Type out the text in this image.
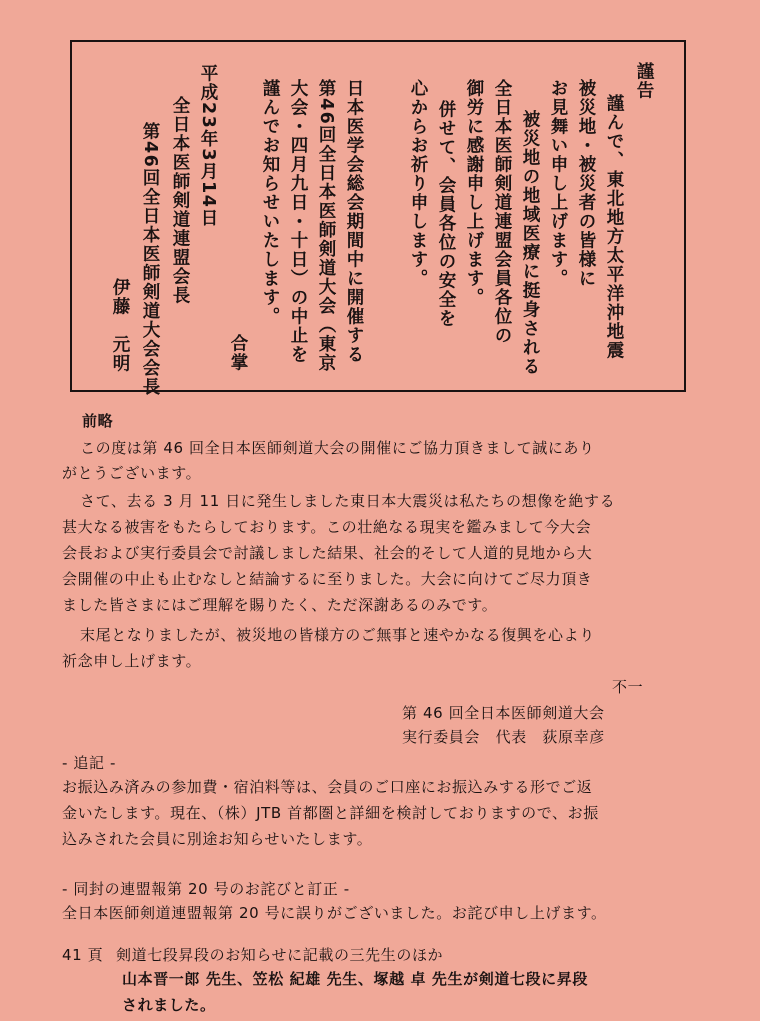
謹告
謹んで、東北地方太平洋沖地震
被災地・被災者の皆様に
お見舞い申し上げます。
被災地の地域医療に挺身される
全日本医師剣道連盟会員各位の
御労に感謝申し上げます。
併せて、会員各位の安全を
心からお祈り申します。
日本医学会総会期間中に開催する
第46回全日本医師剣道大会（東京
大会・四月九日・十日）の中止を
謹んでお知らせいたします。
合掌
平成23年3月14日
全日本医師剣道連盟会長
第46回全日本医師剣道大会会長
伊藤　元明
前略
この度は第 46 回全日本医師剣道大会の開催にご協力頂きまして誠にあり
がとうございます。
さて、去る 3 月 11 日に発生しました東日本大震災は私たちの想像を絶する
甚大なる被害をもたらしております。この壮絶なる現実を鑑みまして今大会
会長および実行委員会で討議しました結果、社会的そして人道的見地から大
会開催の中止も止むなしと結論するに至りました。大会に向けてご尽力頂き
ました皆さまにはご理解を賜りたく、ただ深謝あるのみです。
末尾となりましたが、被災地の皆様方のご無事と速やかなる復興を心より
祈念申し上げます。
不一
第 46 回全日本医師剣道大会
実行委員会　代表　荻原幸彦
- 追記 -
お振込み済みの参加費・宿泊料等は、会員のご口座にお振込みする形でご返
金いたします。現在、（株）JTB 首都圏と詳細を検討しておりますので、お振
込みされた会員に別途お知らせいたします。
- 同封の連盟報第 20 号のお詫びと訂正 -
全日本医師剣道連盟報第 20 号に誤りがございました。お詫び申し上げます。
41 頁 剣道七段昇段のお知らせに記載の三先生のほか
山本晋一郎 先生、笠松 紀雄 先生、塚越 卓 先生が剣道七段に昇段
されました。
